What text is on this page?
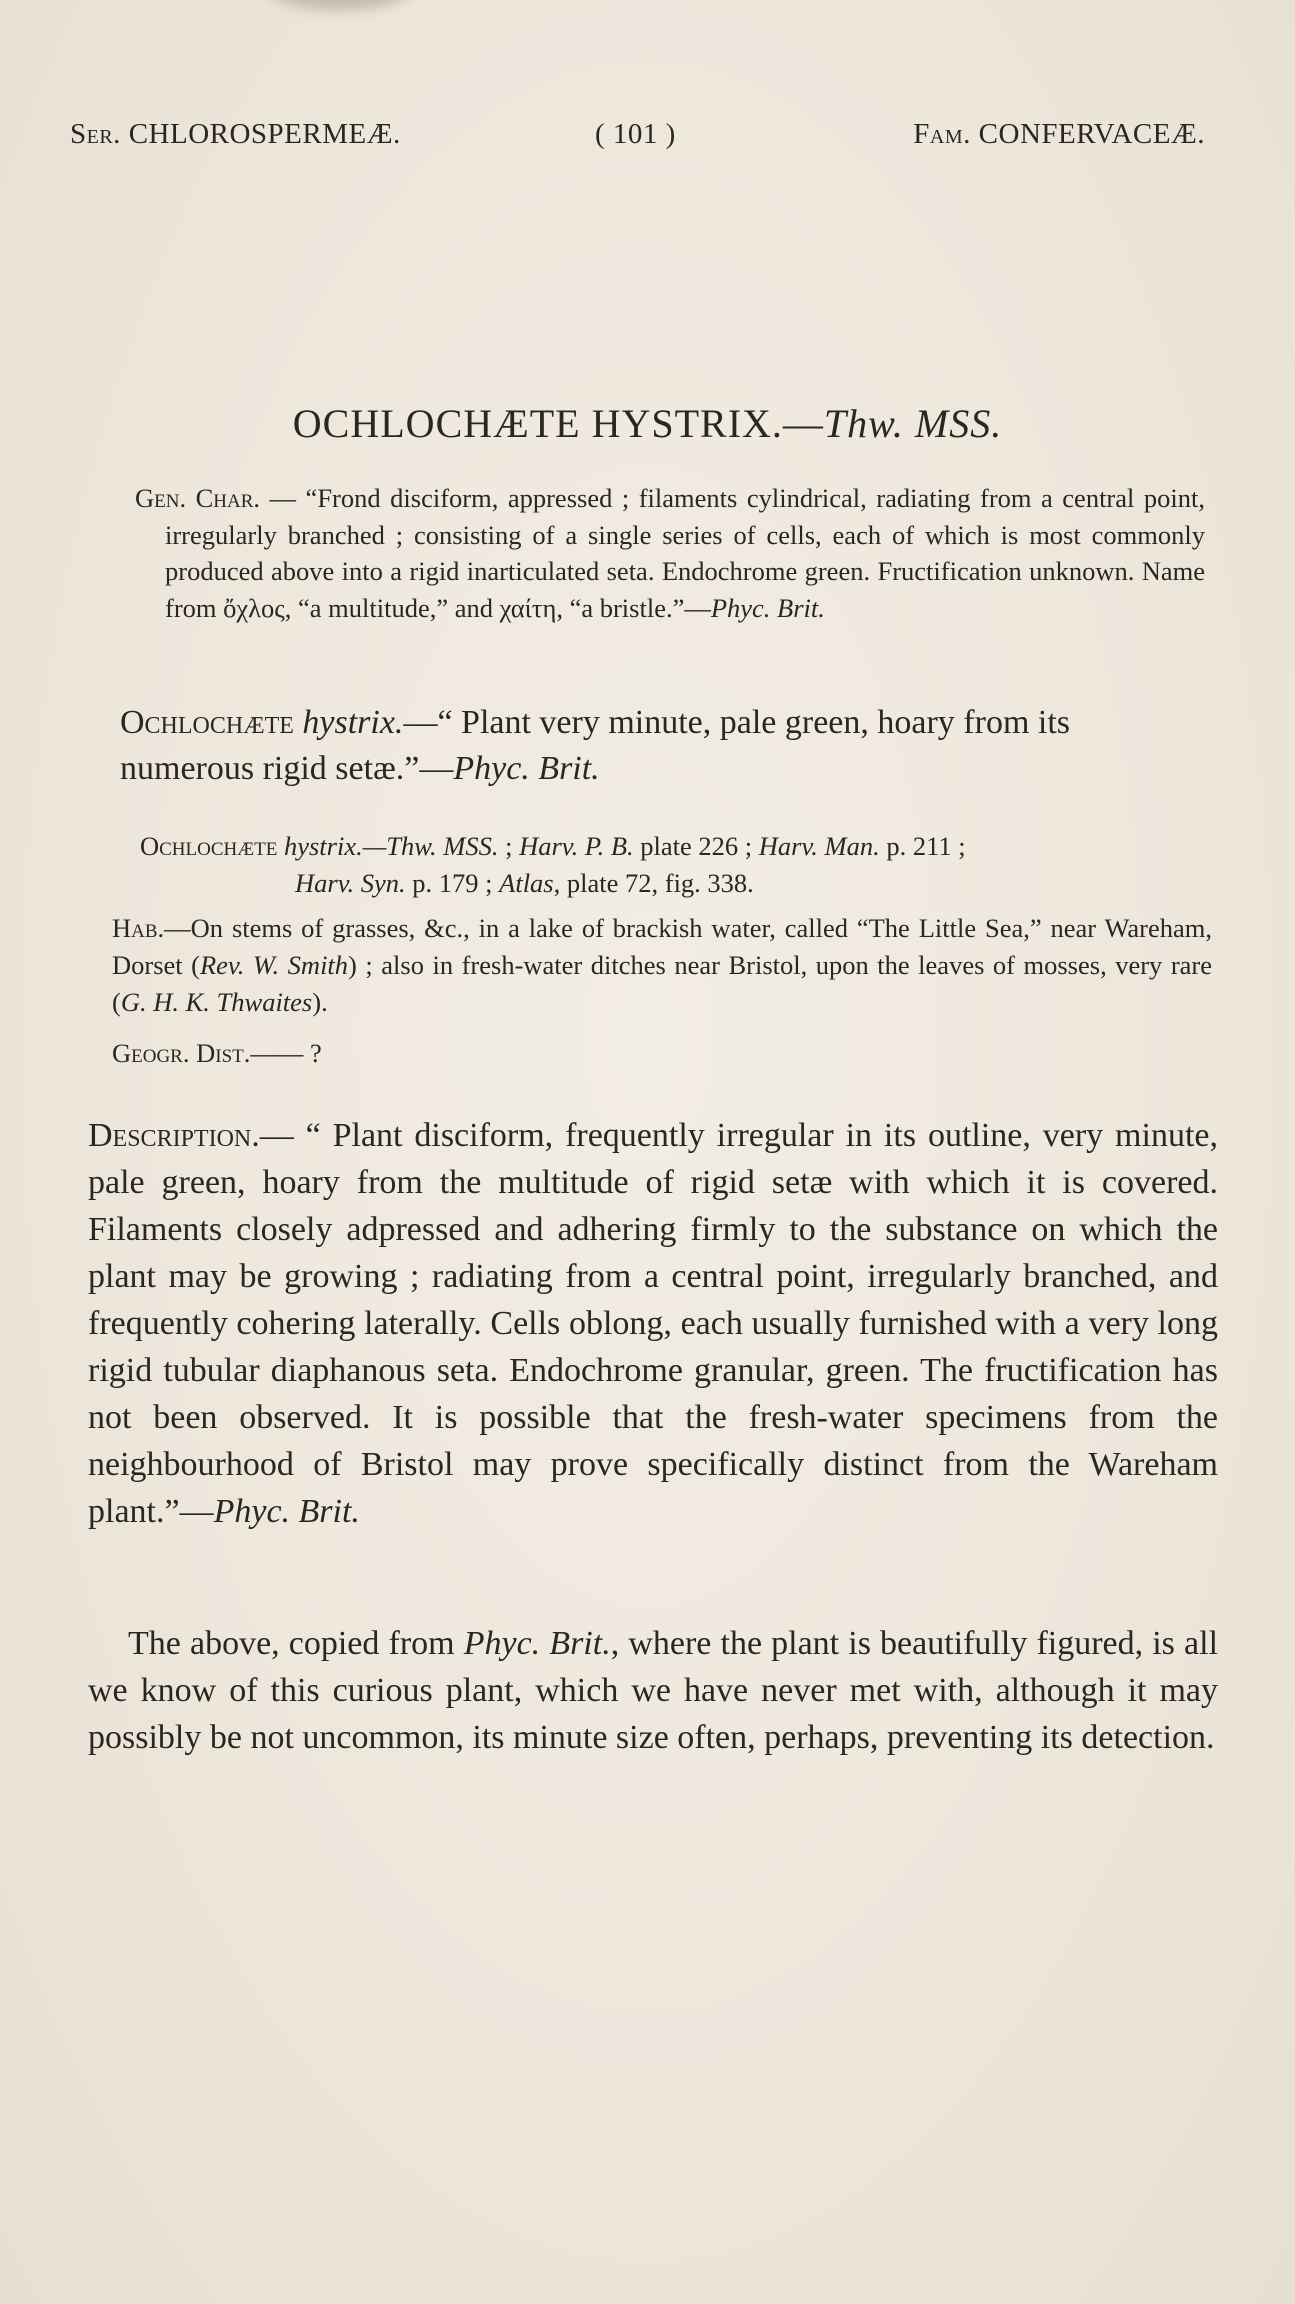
Ser. CHLOROSPERMEÆ.	( 101 )	Fam. CONFERVACEÆ.
OCHLOCHÆTE HYSTRIX.—Thw. MSS.
Gen. Char. — “Frond disciform, appressed ; filaments cylindrical, radiating from a central point, irregularly branched ; consisting of a single series of cells, each of which is most commonly produced above into a rigid inarticulated seta. Endochrome green. Fructification unknown. Name from ὄχλος, “a multitude,” and χαίτη, “a bristle.”—Phyc. Brit.
Ochlochæte hystrix.—“ Plant very minute, pale green, hoary from its numerous rigid setæ.”—Phyc. Brit.
Ochlochæte hystrix.—Thw. MSS. ; Harv. P. B. plate 226 ; Harv. Man. p. 211 ;
Harv. Syn. p. 179 ; Atlas, plate 72, fig. 338.
Hab.—On stems of grasses, &c., in a lake of brackish water, called “The Little Sea,” near Wareham, Dorset (Rev. W. Smith) ; also in fresh-water ditches near Bristol, upon the leaves of mosses, very rare (G. H. K. Thwaites).
Geogr. Dist.—— ?
Description.— “ Plant disciform, frequently irregular in its outline, very minute, pale green, hoary from the multitude of rigid setæ with which it is covered. Filaments closely adpressed and adhering firmly to the substance on which the plant may be growing ; radiating from a central point, irregularly branched, and frequently cohering laterally. Cells oblong, each usually furnished with a very long rigid tubular diaphanous seta. Endochrome granular, green. The fructification has not been observed. It is possible that the fresh-water specimens from the neighbourhood of Bristol may prove specifically distinct from the Wareham plant.”—Phyc. Brit.
The above, copied from Phyc. Brit., where the plant is beautifully figured, is all we know of this curious plant, which we have never met with, although it may possibly be not uncommon, its minute size often, perhaps, preventing its detection.
